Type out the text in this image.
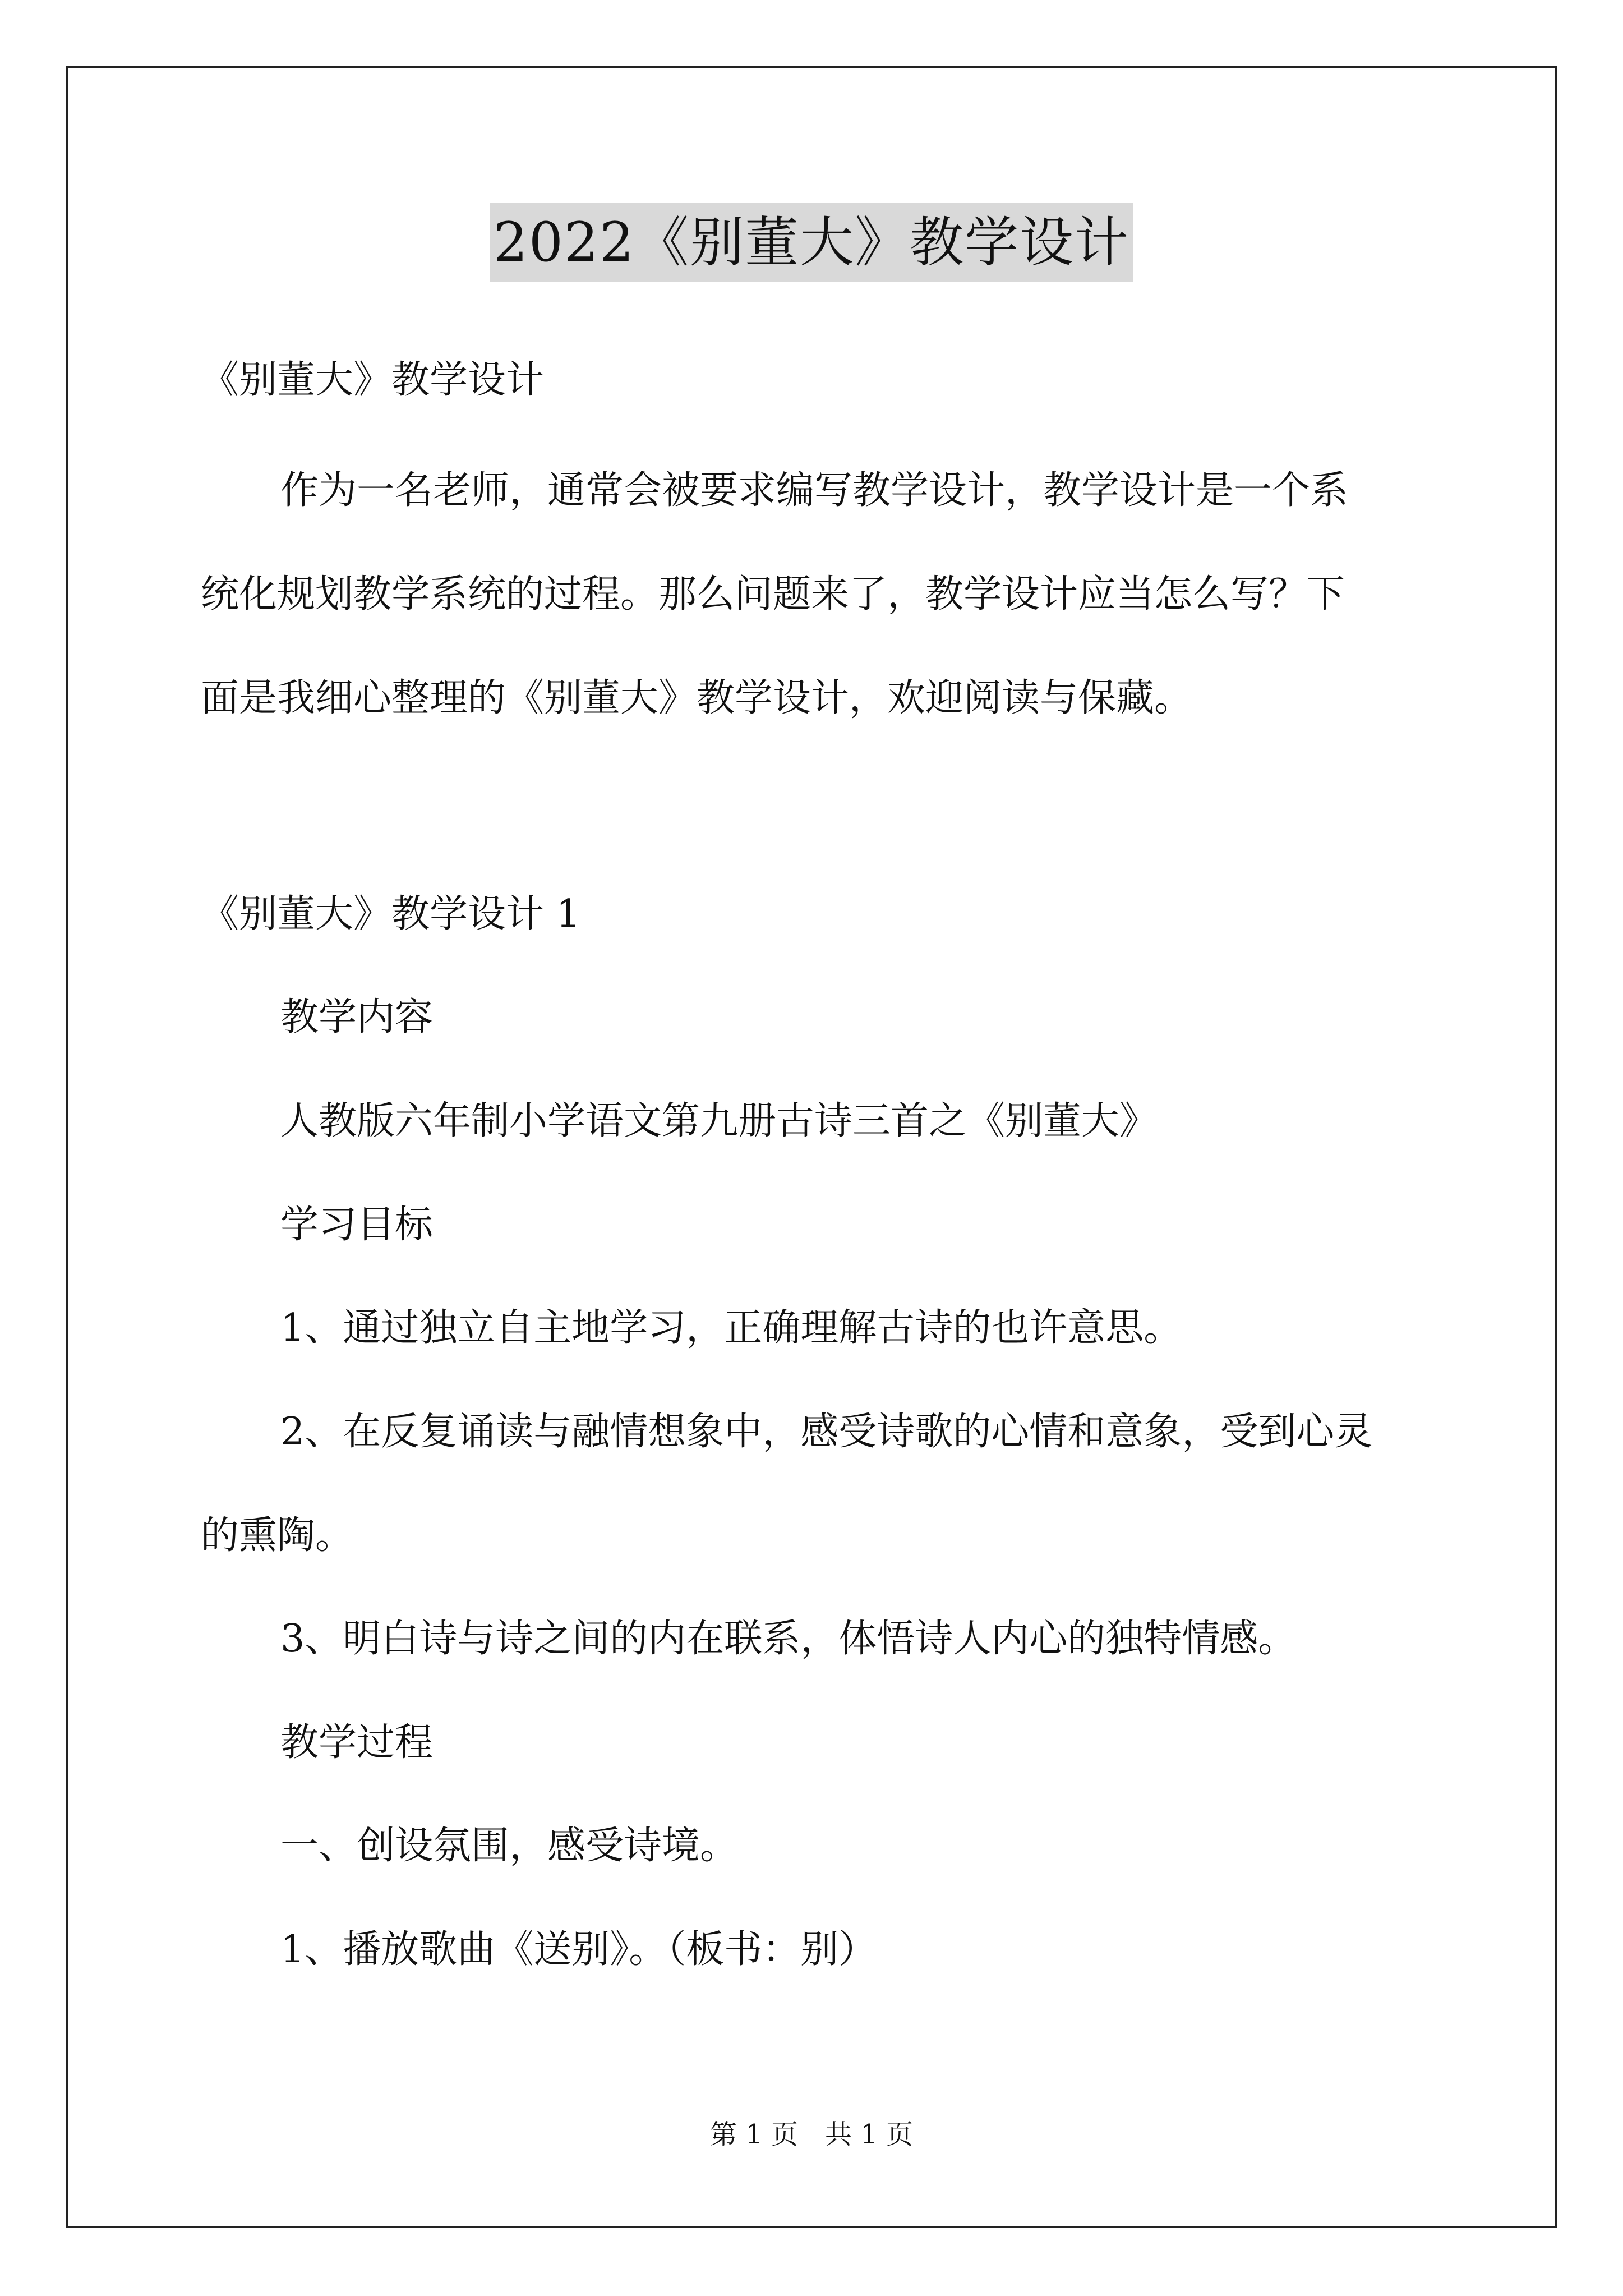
2022《别董大》教学设计
《别董大》教学设计
作为一名老师，通常会被要求编写教学设计，教学设计是一个系
统化规划教学系统的过程。那么问题来了，教学设计应当怎么写？下
面是我细心整理的《别董大》教学设计，欢迎阅读与保藏。
《别董大》教学设计 1
教学内容
人教版六年制小学语文第九册古诗三首之《别董大》
学习目标
1、通过独立自主地学习，正确理解古诗的也许意思。
2、在反复诵读与融情想象中，感受诗歌的心情和意象，受到心灵
的熏陶。
3、明白诗与诗之间的内在联系，体悟诗人内心的独特情感。
教学过程
一、创设氛围，感受诗境。
1、播放歌曲《送别》。（板书：别）
第 1 页　共 1 页
